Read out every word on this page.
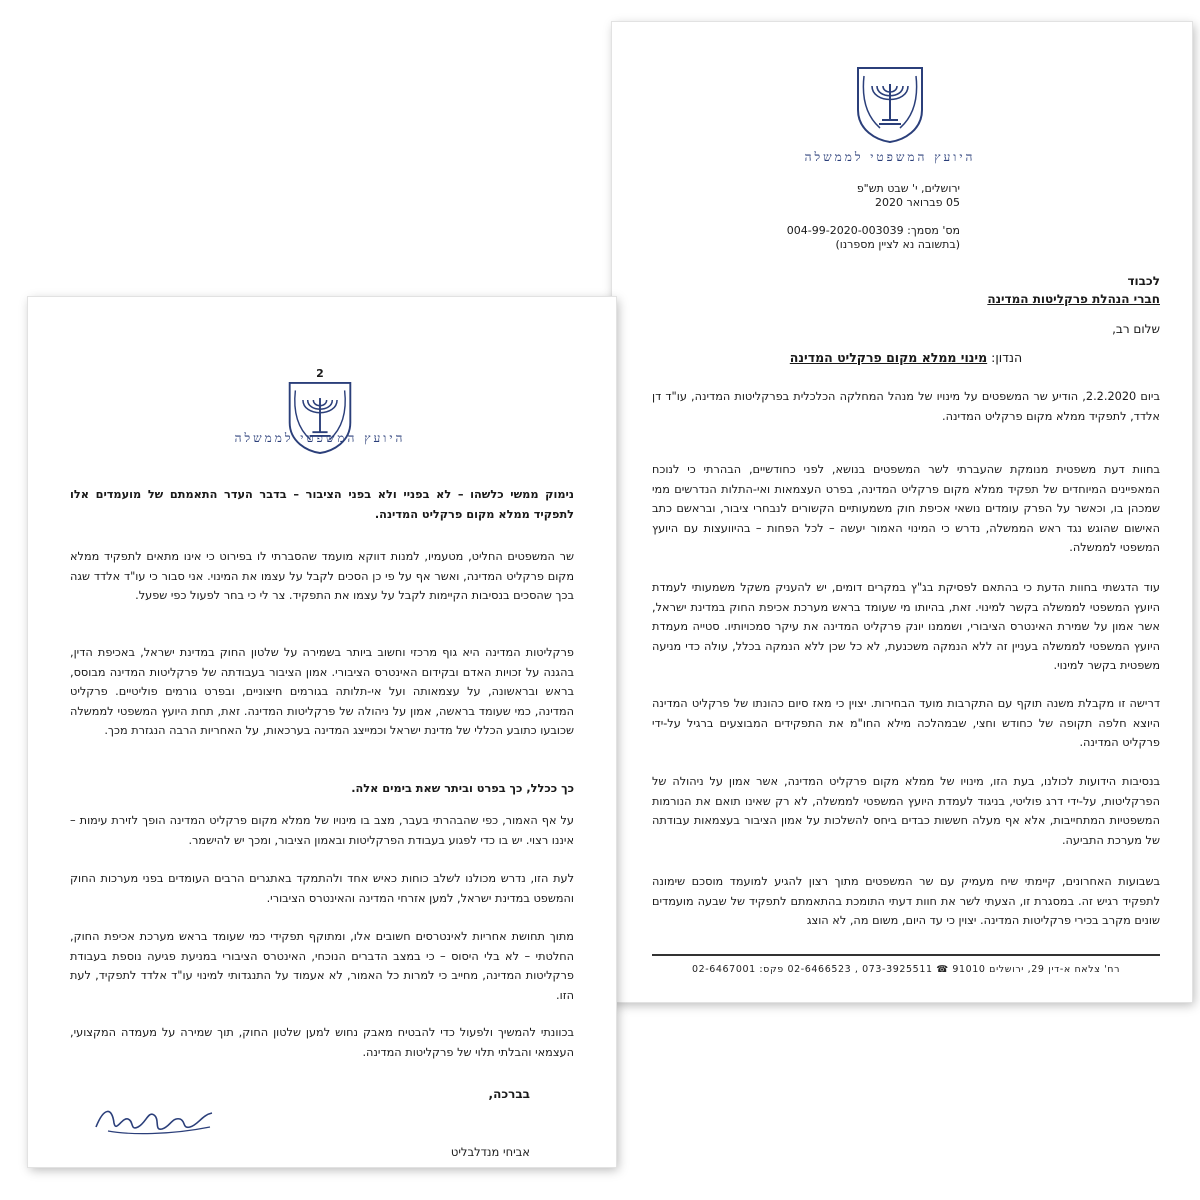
היועץ המשפטי לממשלה
ירושלים, י' שבט תש"פ
05 פברואר 2020
מס' מסמך: 004-99-2020-003039
(בתשובה נא לציין מספרנו)
לכבוד
חברי הנהלת פרקליטות המדינה
שלום רב,
הנדון: מינוי ממלא מקום פרקליט המדינה
ביום 2.2.2020, הודיע שר המשפטים על מינויו של מנהל המחלקה הכלכלית בפרקליטות המדינה, עו"ד דן אלדד, לתפקיד ממלא מקום פרקליט המדינה.
בחוות דעת משפטית מנומקת שהעברתי לשר המשפטים בנושא, לפני כחודשיים, הבהרתי כי לנוכח המאפיינים המיוחדים של תפקיד ממלא מקום פרקליט המדינה, בפרט העצמאות ואי-התלות הנדרשים ממי שמכהן בו, וכאשר על הפרק עומדים נושאי אכיפת חוק משמעותיים הקשורים לנבחרי ציבור, ובראשם כתב האישום שהוגש נגד ראש הממשלה, נדרש כי המינוי האמור יעשה – לכל הפחות – בהיוועצות עם היועץ המשפטי לממשלה.
עוד הדגשתי בחוות הדעת כי בהתאם לפסיקת בג"ץ במקרים דומים, יש להעניק משקל משמעותי לעמדת היועץ המשפטי לממשלה בקשר למינוי. זאת, בהיותו מי שעומד בראש מערכת אכיפת החוק במדינת ישראל, אשר אמון על שמירת האינטרס הציבורי, ושממנו יונק פרקליט המדינה את עיקר סמכויותיו. סטייה מעמדת היועץ המשפטי לממשלה בעניין זה ללא הנמקה משכנעת, לא כל שכן ללא הנמקה בכלל, עולה כדי מניעה משפטית בקשר למינוי.
דרישה זו מקבלת משנה תוקף עם התקרבות מועד הבחירות. יצוין כי מאז סיום כהונתו של פרקליט המדינה היוצא חלפה תקופה של כחודש וחצי, שבמהלכה מילא החו"מ את התפקידים המבוצעים ברגיל על-ידי פרקליט המדינה.
בנסיבות הידועות לכולנו, בעת הזו, מינויו של ממלא מקום פרקליט המדינה, אשר אמון על ניהולה של הפרקליטות, על-ידי דרג פוליטי, בניגוד לעמדת היועץ המשפטי לממשלה, לא רק שאינו תואם את הנורמות המשפטיות המתחייבות, אלא אף מעלה חששות כבדים ביחס להשלכות על אמון הציבור בעצמאות עבודתה של מערכת התביעה.
בשבועות האחרונים, קיימתי שיח מעמיק עם שר המשפטים מתוך רצון להגיע למועמד מוסכם שימונה לתפקיד רגיש זה. במסגרת זו, הצעתי לשר את חוות דעתי התומכת בהתאמתם לתפקיד של שבעה מועמדים שונים מקרב בכירי פרקליטות המדינה. יצוין כי עד היום, משום מה, לא הוצג
רח' צלאח א-דין 29, ירושלים 91010 ☎ 073-3925511 , 02-6466523 פקס: 02-6467001
2
היועץ המשפטי לממשלה
נימוק ממשי כלשהו – לא בפניי ולא בפני הציבור – בדבר העדר התאמתם של מועמדים אלו לתפקיד ממלא מקום פרקליט המדינה.
שר המשפטים החליט, מטעמיו, למנות דווקא מועמד שהסברתי לו בפירוט כי אינו מתאים לתפקיד ממלא מקום פרקליט המדינה, ואשר אף על פי כן הסכים לקבל על עצמו את המינוי. אני סבור כי עו"ד אלדד שגה בכך שהסכים בנסיבות הקיימות לקבל על עצמו את התפקיד. צר לי כי בחר לפעול כפי שפעל.
פרקליטות המדינה היא גוף מרכזי וחשוב ביותר בשמירה על שלטון החוק במדינת ישראל, באכיפת הדין, בהגנה על זכויות האדם ובקידום האינטרס הציבורי. אמון הציבור בעבודתה של פרקליטות המדינה מבוסס, בראש ובראשונה, על עצמאותה ועל אי-תלותה בגורמים חיצוניים, ובפרט גורמים פוליטיים. פרקליט המדינה, כמי שעומד בראשה, אמון על ניהולה של פרקליטות המדינה. זאת, תחת היועץ המשפטי לממשלה שכובעו כתובע הכללי של מדינת ישראל וכמייצג המדינה בערכאות, על האחריות הרבה הנגזרת מכך.
כך ככלל, כך בפרט וביתר שאת בימים אלה.
על אף האמור, כפי שהבהרתי בעבר, מצב בו מינויו של ממלא מקום פרקליט המדינה הופך לזירת עימות – איננו רצוי. יש בו כדי לפגוע בעבודת הפרקליטות ובאמון הציבור, ומכך יש להישמר.
לעת הזו, נדרש מכולנו לשלב כוחות כאיש אחד ולהתמקד באתגרים הרבים העומדים בפני מערכות החוק והמשפט במדינת ישראל, למען אזרחי המדינה והאינטרס הציבורי.
מתוך תחושת אחריות לאינטרסים חשובים אלו, ומתוקף תפקידי כמי שעומד בראש מערכת אכיפת החוק, החלטתי – לא בלי היסוס – כי במצב הדברים הנוכחי, האינטרס הציבורי במניעת פגיעה נוספת בעבודת פרקליטות המדינה, מחייב כי למרות כל האמור, לא אעמוד על התנגדותי למינוי עו"ד אלדד לתפקיד, לעת הזו.
בכוונתי להמשיך ולפעול כדי להבטיח מאבק נחוש למען שלטון החוק, תוך שמירה על מעמדה המקצועי, העצמאי והבלתי תלוי של פרקליטות המדינה.
בברכה,
אביחי מנדלבליט
